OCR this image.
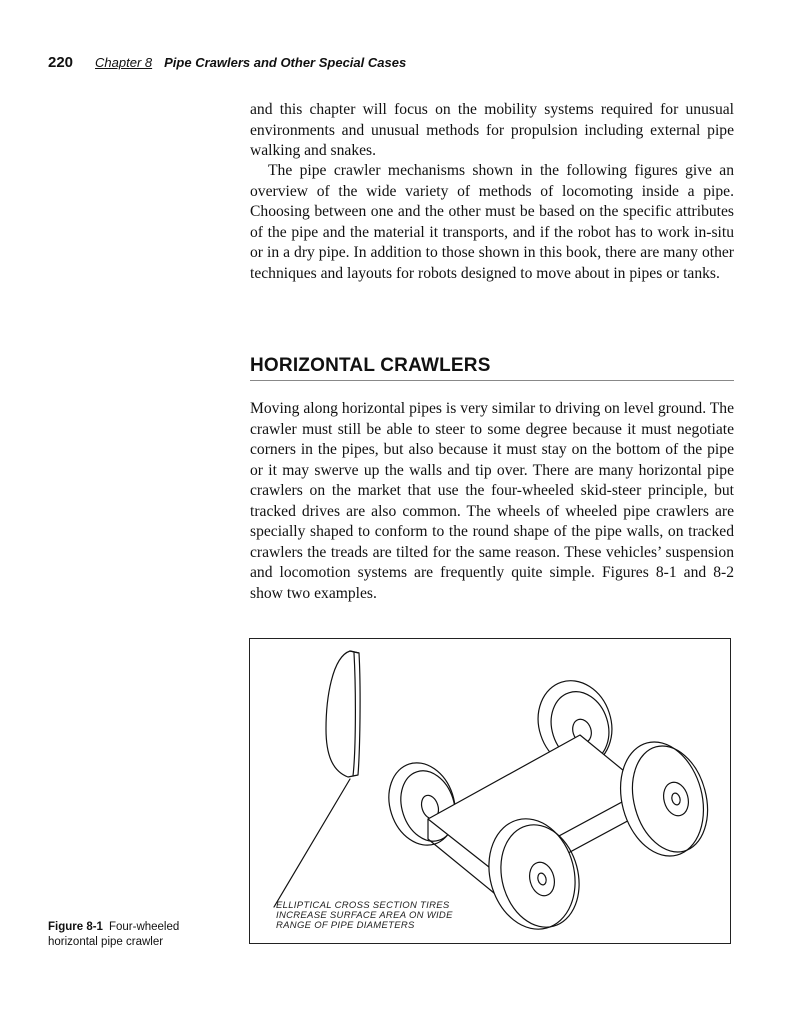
220 Chapter 8 Pipe Crawlers and Other Special Cases

and this chapter will focus on the mobility systems required for unusual environments and unusual methods for propulsion including external pipe walking and snakes.

The pipe crawler mechanisms shown in the following figures give an overview of the wide variety of methods of locomoting inside a pipe. Choosing between one and the other must be based on the specific attributes of the pipe and the material it transports, and if the robot has to work in-situ or in a dry pipe. In addition to those shown in this book, there are many other techniques and layouts for robots designed to move about in pipes or tanks.

HORIZONTAL CRAWLERS

Moving along horizontal pipes is very similar to driving on level ground. The crawler must still be able to steer to some degree because it must negotiate corners in the pipes, but also because it must stay on the bottom of the pipe or it may swerve up the walls and tip over. There are many horizontal pipe crawlers on the market that use the four-wheeled skid-steer principle, but tracked drives are also common. The wheels of wheeled pipe crawlers are specially shaped to conform to the round shape of the pipe walls, on tracked crawlers the treads are tilted for the same reason. These vehicles’ suspension and locomotion systems are frequently quite simple. Figures 8-1 and 8-2 show two examples.

ELLIPTICAL CROSS SECTION TIRES
INCREASE SURFACE AREA ON WIDE
RANGE OF PIPE DIAMETERS
Figure 8-1 Four-wheeled horizontal pipe crawler
